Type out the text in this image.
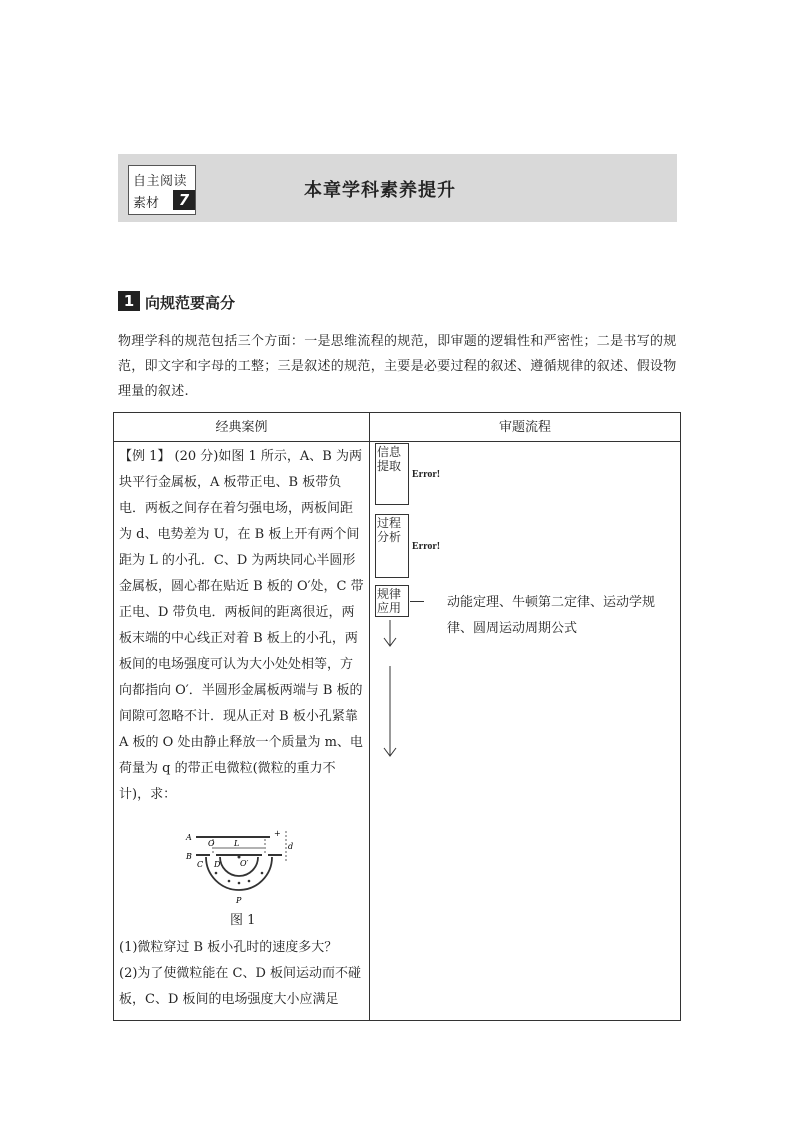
自主阅读
素材	7	本章学科素养提升
1 向规范要高分
物理学科的规范包括三个方面：一是思维流程的规范，即审题的逻辑性和严密性；二是书写的规范，即文字和字母的工整；三是叙述的规范，主要是必要过程的叙述、遵循规律的叙述、假设物理量的叙述.
经典案例	审题流程

【例 1】 (20 分)如图 1 所示，A、B 为两块平行金属板，A 板带正电、B 板带负电．两板之间存在着匀强电场，两板间距为 d、电势差为 U，在 B 板上开有两个间距为 L 的小孔．C、D 为两块同心半圆形金属板，圆心都在贴近 B 板的 O′处，C 带正电、D 带负电．两板间的距离很近，两板末端的中心线正对着 B 板上的小孔，两板间的电场强度可认为大小处处相等，方向都指向 O′．半圆形金属板两端与 B 板的间隙可忽略不计．现从正对 B 板小孔紧靠 A 板的 O 处由静止释放一个质量为 m、电荷量为 q 的带正电微粒(微粒的重力不计)，求：

A
B
C D
O
O′
L	d
P
+
图 1
(1)微粒穿过 B 板小孔时的速度多大？
(2)为了使微粒能在 C、D 板间运动而不碰板，C、D 板间的电场强度大小应满足
信息提取
Error!
过程分析
Error!
规律应用	动能定理、牛顿第二定律、运动学规律、圆周运动周期公式
